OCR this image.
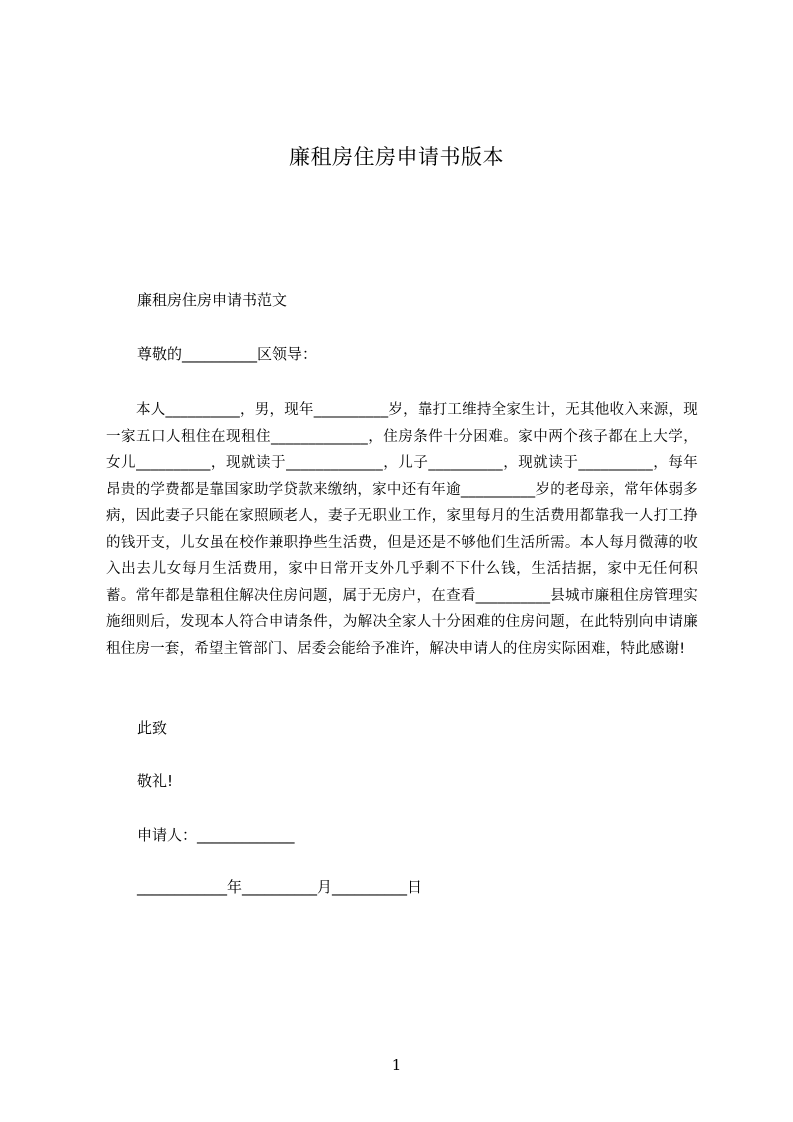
廉租房住房申请书版本
廉租房住房申请书范文
尊敬的__________区领导：
本人__________，男，现年__________岁，靠打工维持全家生计，无其他收入来源，现一家五口人租住在现租住_____________，住房条件十分困难。家中两个孩子都在上大学，女儿__________，现就读于_____________，儿子__________，现就读于__________，每年昂贵的学费都是靠国家助学贷款来缴纳，家中还有年逾__________岁的老母亲，常年体弱多病，因此妻子只能在家照顾老人，妻子无职业工作，家里每月的生活费用都靠我一人打工挣的钱开支，儿女虽在校作兼职挣些生活费，但是还是不够他们生活所需。本人每月微薄的收入出去儿女每月生活费用，家中日常开支外几乎剩不下什么钱，生活拮据，家中无任何积蓄。常年都是靠租住解决住房问题，属于无房户，在查看__________县城市廉租住房管理实施细则后，发现本人符合申请条件，为解决全家人十分困难的住房问题，在此特别向申请廉租住房一套，希望主管部门、居委会能给予准许，解决申请人的住房实际困难，特此感谢!
此致
敬礼!
申请人：_____________
____________年__________月__________日
1
